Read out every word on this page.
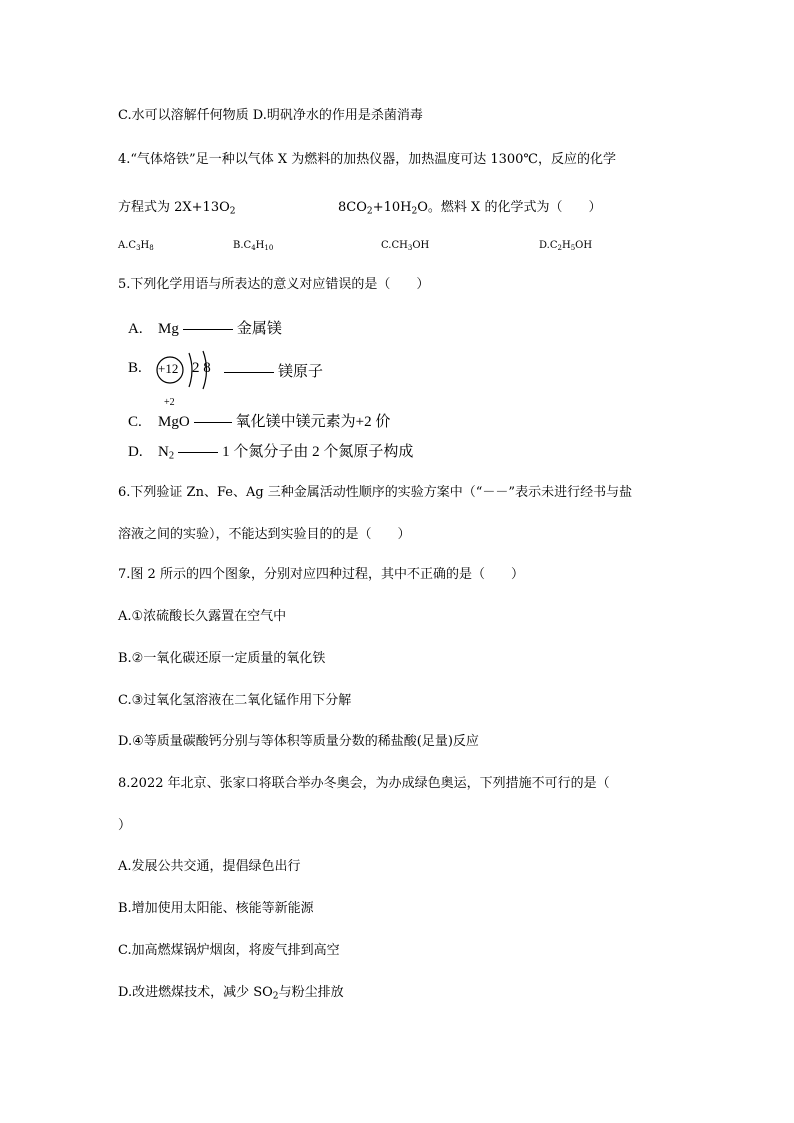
C.水可以溶解仟何物质 D.明矾净水的作用是杀菌消毒
4.“气体烙铁”足一种以气体 X 为燃料的加热仪器，加热温度可达 1300℃，反应的化学
方程式为 $2X+13O_2$	$8CO_2+10H_2O$。燃料 X 的化学式为（　　）
$A.C_3H_8$	$B.C_4H_{10}$	$C.CH_3OH$	$D.C_2H_5OH$
5.下列化学用语与所表达的意义对应错误的是（　　）
A. Mg	金属镁
B.	+12 2 8	镁原子
+2
C. MgO	氧化镁中镁元素为+2 价
D. $N_2$	1 个氮分子由 2 个氮原子构成
6.下列验证 Zn、Fe、Ag 三种金属活动性顺序的实验方案中（“－－”表示未进行经书与盐
溶液之间的实验），不能达到实验目的的是（　　）
7.图 2 所示的四个图象，分别对应四种过程，其中不正确的是（　　）
A.①浓硫酸长久露置在空气中
B.②一氧化碳还原一定质量的氧化铁
C.③过氧化氢溶液在二氧化锰作用下分解
D.④等质量碳酸钙分别与等体积等质量分数的稀盐酸(足量)反应
8.2022 年北京、张家口将联合举办冬奥会，为办成绿色奥运，下列措施不可行的是（
）
A.发展公共交通，提倡绿色出行
B.增加使用太阳能、核能等新能源
C.加高燃煤锅炉烟囱，将废气排到高空
D.改进燃煤技术，减少 $SO_2$与粉尘排放
